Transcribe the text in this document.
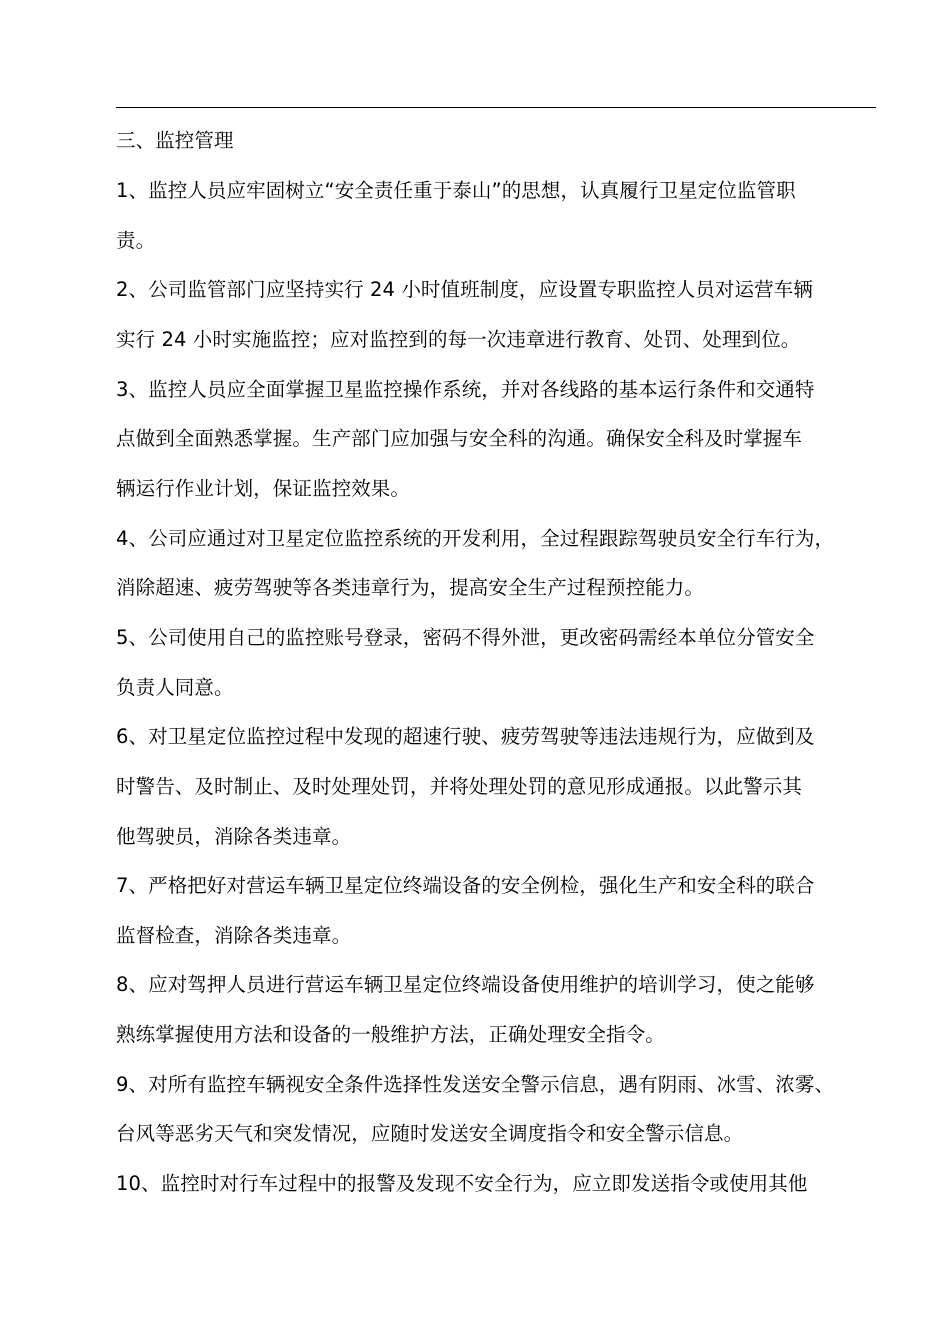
三、监控管理
1、监控人员应牢固树立“安全责任重于泰山”的思想，认真履行卫星定位监管职
责。
2、公司监管部门应坚持实行 24 小时值班制度，应设置专职监控人员对运营车辆
实行 24 小时实施监控；应对监控到的每一次违章进行教育、处罚、处理到位。
3、监控人员应全面掌握卫星监控操作系统，并对各线路的基本运行条件和交通特
点做到全面熟悉掌握。生产部门应加强与安全科的沟通。确保安全科及时掌握车
辆运行作业计划，保证监控效果。
4、公司应通过对卫星定位监控系统的开发利用，全过程跟踪驾驶员安全行车行为，
消除超速、疲劳驾驶等各类违章行为，提高安全生产过程预控能力。
5、公司使用自己的监控账号登录，密码不得外泄，更改密码需经本单位分管安全
负责人同意。
6、对卫星定位监控过程中发现的超速行驶、疲劳驾驶等违法违规行为，应做到及
时警告、及时制止、及时处理处罚，并将处理处罚的意见形成通报。以此警示其
他驾驶员，消除各类违章。
7、严格把好对营运车辆卫星定位终端设备的安全例检，强化生产和安全科的联合
监督检查，消除各类违章。
8、应对驾押人员进行营运车辆卫星定位终端设备使用维护的培训学习，使之能够
熟练掌握使用方法和设备的一般维护方法，正确处理安全指令。
9、对所有监控车辆视安全条件选择性发送安全警示信息，遇有阴雨、冰雪、浓雾、
台风等恶劣天气和突发情况，应随时发送安全调度指令和安全警示信息。
10、监控时对行车过程中的报警及发现不安全行为，应立即发送指令或使用其他
